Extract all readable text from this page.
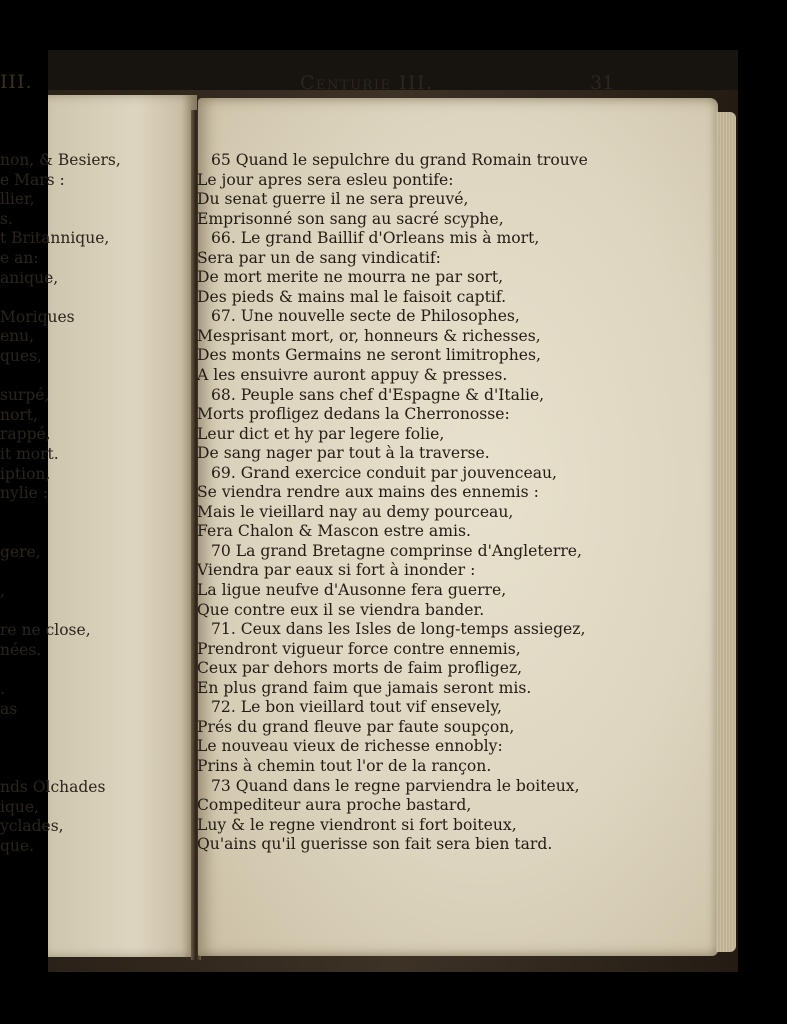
III.
non, & Besiers,
e Mars :
llier,
s.
t Britannique,
e an:
anique,
Moriques
enu,
ques,
surpé,
nort,
rappé,
it mort.
iption,
nylie :
gere,
,
re ne close,
nées.
.
as
nds Olchades
ique,
yclades,
que.
Centurie III.	31
65 Quand le sepulchre du grand Romain trouve
Le jour apres sera esleu pontife:
Du senat guerre il ne sera preuvé,
Emprisonné son sang au sacré scyphe,
66. Le grand Baillif d'Orleans mis à mort,
Sera par un de sang vindicatif:
De mort merite ne mourra ne par sort,
Des pieds & mains mal le faisoit captif.
67. Une nouvelle secte de Philosophes,
Mesprisant mort, or, honneurs & richesses,
Des monts Germains ne seront limitrophes,
A les ensuivre auront appuy & presses.
68. Peuple sans chef d'Espagne & d'Italie,
Morts profligez dedans la Cherronosse:
Leur dict et hy par legere folie,
De sang nager par tout à la traverse.
69. Grand exercice conduit par jouvenceau,
Se viendra rendre aux mains des ennemis :
Mais le vieillard nay au demy pourceau,
Fera Chalon & Mascon estre amis.
70 La grand Bretagne comprinse d'Angleterre,
Viendra par eaux si fort à inonder :
La ligue neufve d'Ausonne fera guerre,
Que contre eux il se viendra bander.
71. Ceux dans les Isles de long-temps assiegez,
Prendront vigueur force contre ennemis,
Ceux par dehors morts de faim profligez,
En plus grand faim que jamais seront mis.
72. Le bon vieillard tout vif ensevely,
Prés du grand fleuve par faute soupçon,
Le nouveau vieux de richesse ennobly:
Prins à chemin tout l'or de la rançon.
73 Quand dans le regne parviendra le boiteux,
Compediteur aura proche bastard,
Luy & le regne viendront si fort boiteux,
Qu'ains qu'il guerisse son fait sera bien tard.
